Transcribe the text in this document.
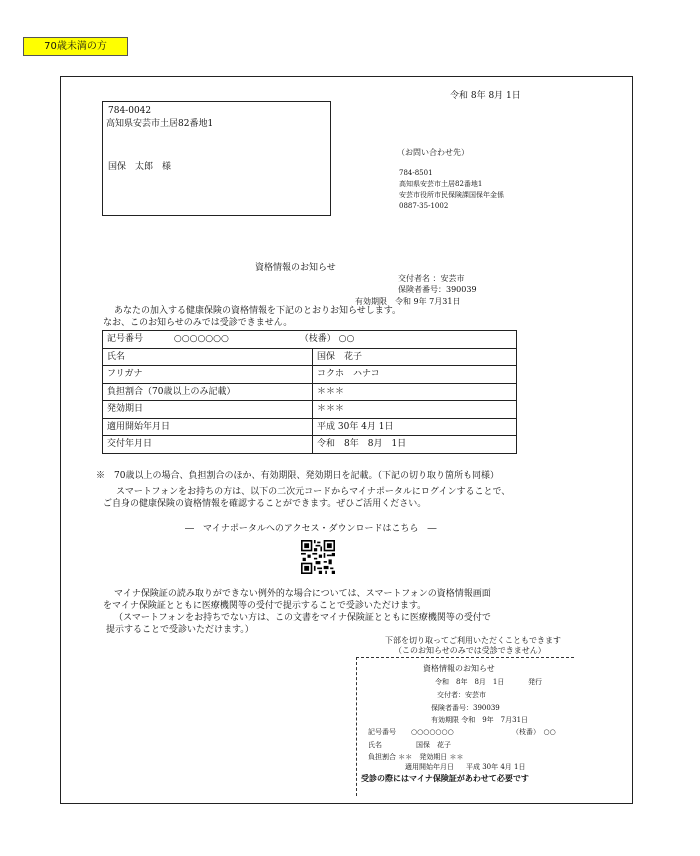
70歳未満の方
令和 8年 8月 1日
784-0042
高知県安芸市土居82番地1
国保　太郎　様
（お問い合わせ先）
784-8501
高知県安芸市土居82番地1
安芸市役所市民保険課国保年金係
0887-35-1002
資格情報のお知らせ
交付者名 ：安芸市
保険者番号：390039
有効期限　令和 9年 7月31日
あなたの加入する健康保険の資格情報を下記のとおりお知らせします。
なお、このお知らせのみでは受診できません。
記号番号 ○○○○○○○ （枝番） ○○	
氏名	国保　花子
フリガナ	コクホ　ハナコ
負担割合（70歳以上のみ記載）	＊＊＊
発効期日	＊＊＊
適用開始年月日	平成 30年 4月 1日
交付年月日	令和　8年　8月　1日
※　70歳以上の場合、負担割合のほか、有効期限、発効期日を記載。（下記の切り取り箇所も同様）
スマートフォンをお持ちの方は、以下の二次元コードからマイナポータルにログインすることで、
ご自身の健康保険の資格情報を確認することができます。ぜひご活用ください。
―　マイナポータルへのアクセス・ダウンロードはこちら　―
マイナ保険証の読み取りができない例外的な場合については、スマートフォンの資格情報画面
をマイナ保険証とともに医療機関等の受付で提示することで受診いただけます。
（スマートフォンをお持ちでない方は、この文書をマイナ保険証とともに医療機関等の受付で
提示することで受診いただけます。）
下部を切り取ってご利用いただくこともできます
（このお知らせのみでは受診できません）
資格情報のお知らせ
令和　8年　8月　1日	発行
交付者：安芸市
保険者番号：390039
有効期限 令和　9年　7月31日
記号番号 ○○○○○○○	（枝番）　○○
氏名	国保　花子
負担割合 ＊＊　発効期日 ＊＊
適用開始年月日 平成 30年 4月 1日
受診の際にはマイナ保険証があわせて必要です
